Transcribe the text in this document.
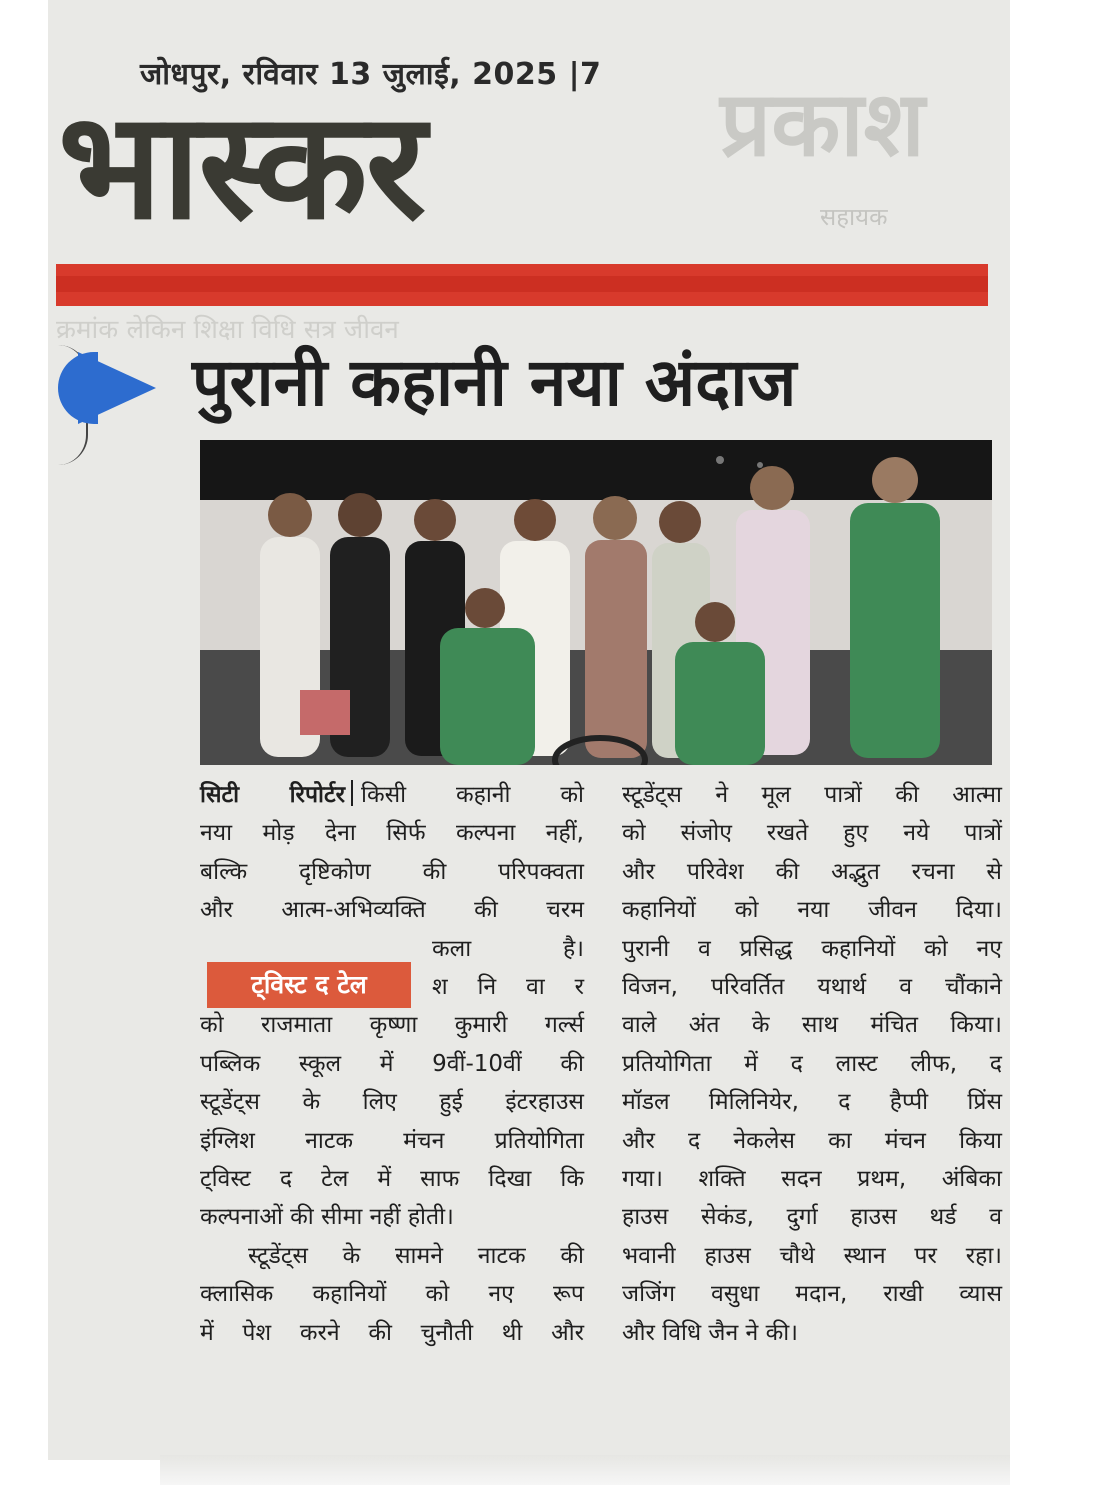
प्रकाश
सहायक
जोधपुर, रविवार 13 जुलाई, 2025 |7
भास्कर
क्रमांक लेकिन शिक्षा विधि सत्र जीवन
पुरानी कहानी नया अंदाज
सिटी रिपोर्टर किसी कहानी को
नया मोड़ देना सिर्फ कल्पना नहीं,
बल्कि दृष्टिकोण की परिपक्वता
और आत्म-अभिव्यक्ति की चरम
कला है।
श नि वा र
को राजमाता कृष्णा कुमारी गर्ल्स
पब्लिक स्कूल में 9वीं-10वीं की
स्टूडेंट्स के लिए हुई इंटरहाउस
इंग्लिश नाटक मंचन प्रतियोगिता
ट्विस्ट द टेल में साफ दिखा कि
कल्पनाओं की सीमा नहीं होती।
स्टूडेंट्स के सामने नाटक की
क्लासिक कहानियों को नए रूप
में पेश करने की चुनौती थी और
ट्विस्ट द टेल
स्टूडेंट्स ने मूल पात्रों की आत्मा
को संजोए रखते हुए नये पात्रों
और परिवेश की अद्भुत रचना से
कहानियों को नया जीवन दिया।
पुरानी व प्रसिद्ध कहानियों को नए
विजन, परिवर्तित यथार्थ व चौंकाने
वाले अंत के साथ मंचित किया।
प्रतियोगिता में द लास्ट लीफ, द
मॉडल मिलिनियेर, द हैप्पी प्रिंस
और द नेकलेस का मंचन किया
गया। शक्ति सदन प्रथम, अंबिका
हाउस सेकंड, दुर्गा हाउस थर्ड व
भवानी हाउस चौथे स्थान पर रहा।
जजिंग वसुधा मदान, राखी व्यास
और विधि जैन ने की।
